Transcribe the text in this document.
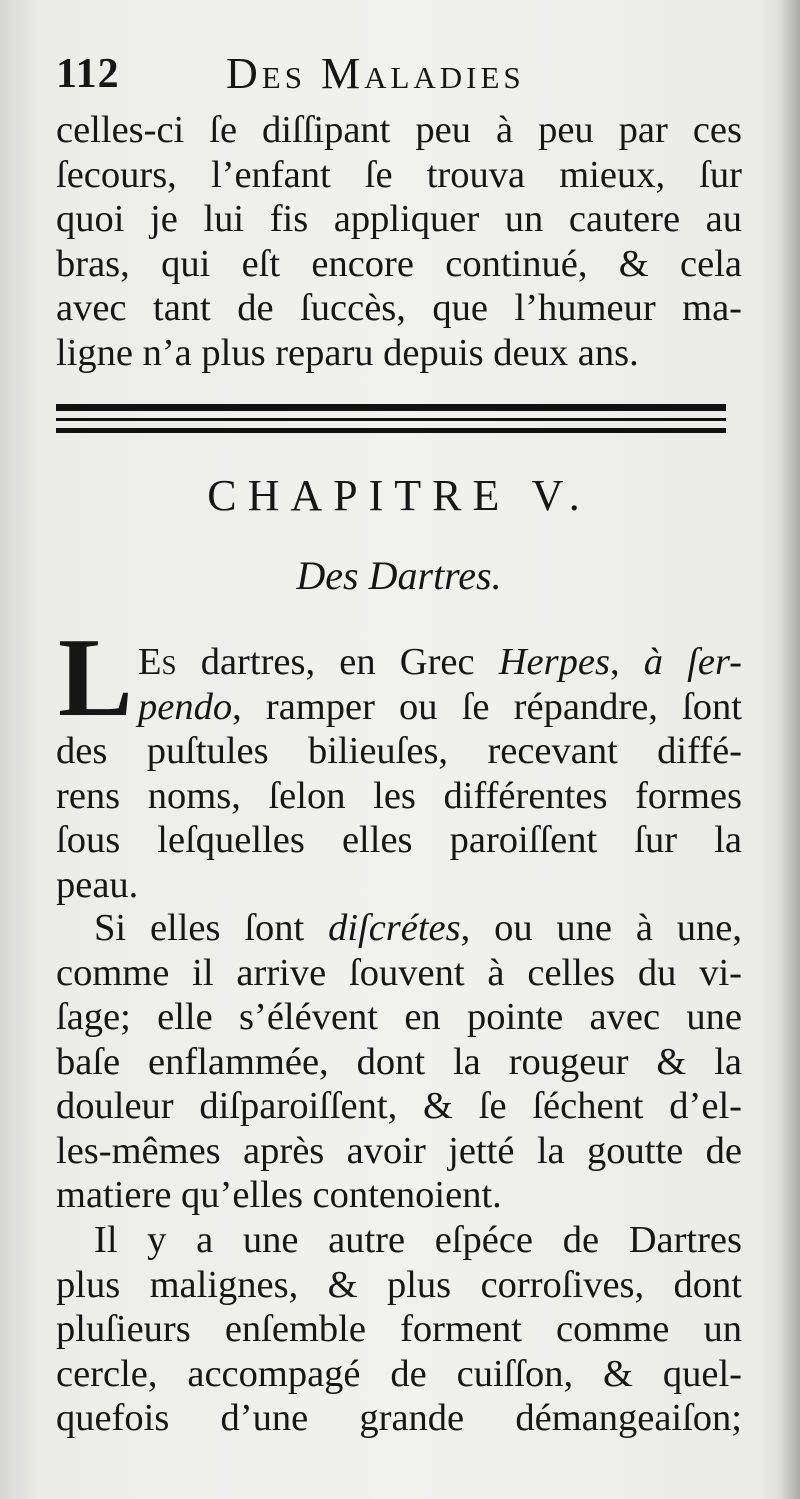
112 Des Maladies
celles-ci ſe diſſipant peu à peu par ces
ſecours, l’enfant ſe trouva mieux, ſur
quoi je lui fis appliquer un cautere au
bras, qui eſt encore continué, & cela
avec tant de ſuccès, que l’humeur ma-
ligne n’a plus reparu depuis deux ans.
CHAPITRE V.
Des Dartres.
L Es dartres, en Grec Herpes, à ſer-
pendo, ramper ou ſe répandre, ſont
des puſtules bilieuſes, recevant diffé-
rens noms, ſelon les différentes formes
ſous leſquelles elles paroiſſent ſur la
peau.
Si elles ſont diſcrétes, ou une à une,
comme il arrive ſouvent à celles du vi-
ſage; elle s’élévent en pointe avec une
baſe enflammée, dont la rougeur & la
douleur diſparoiſſent, & ſe ſéchent d’el-
les-mêmes après avoir jetté la goutte de
matiere qu’elles contenoient.
Il y a une autre eſpéce de Dartres
plus malignes, & plus corroſives, dont
pluſieurs enſemble forment comme un
cercle, accompagé de cuiſſon, & quel-
quefois d’une grande démangeaiſon;
